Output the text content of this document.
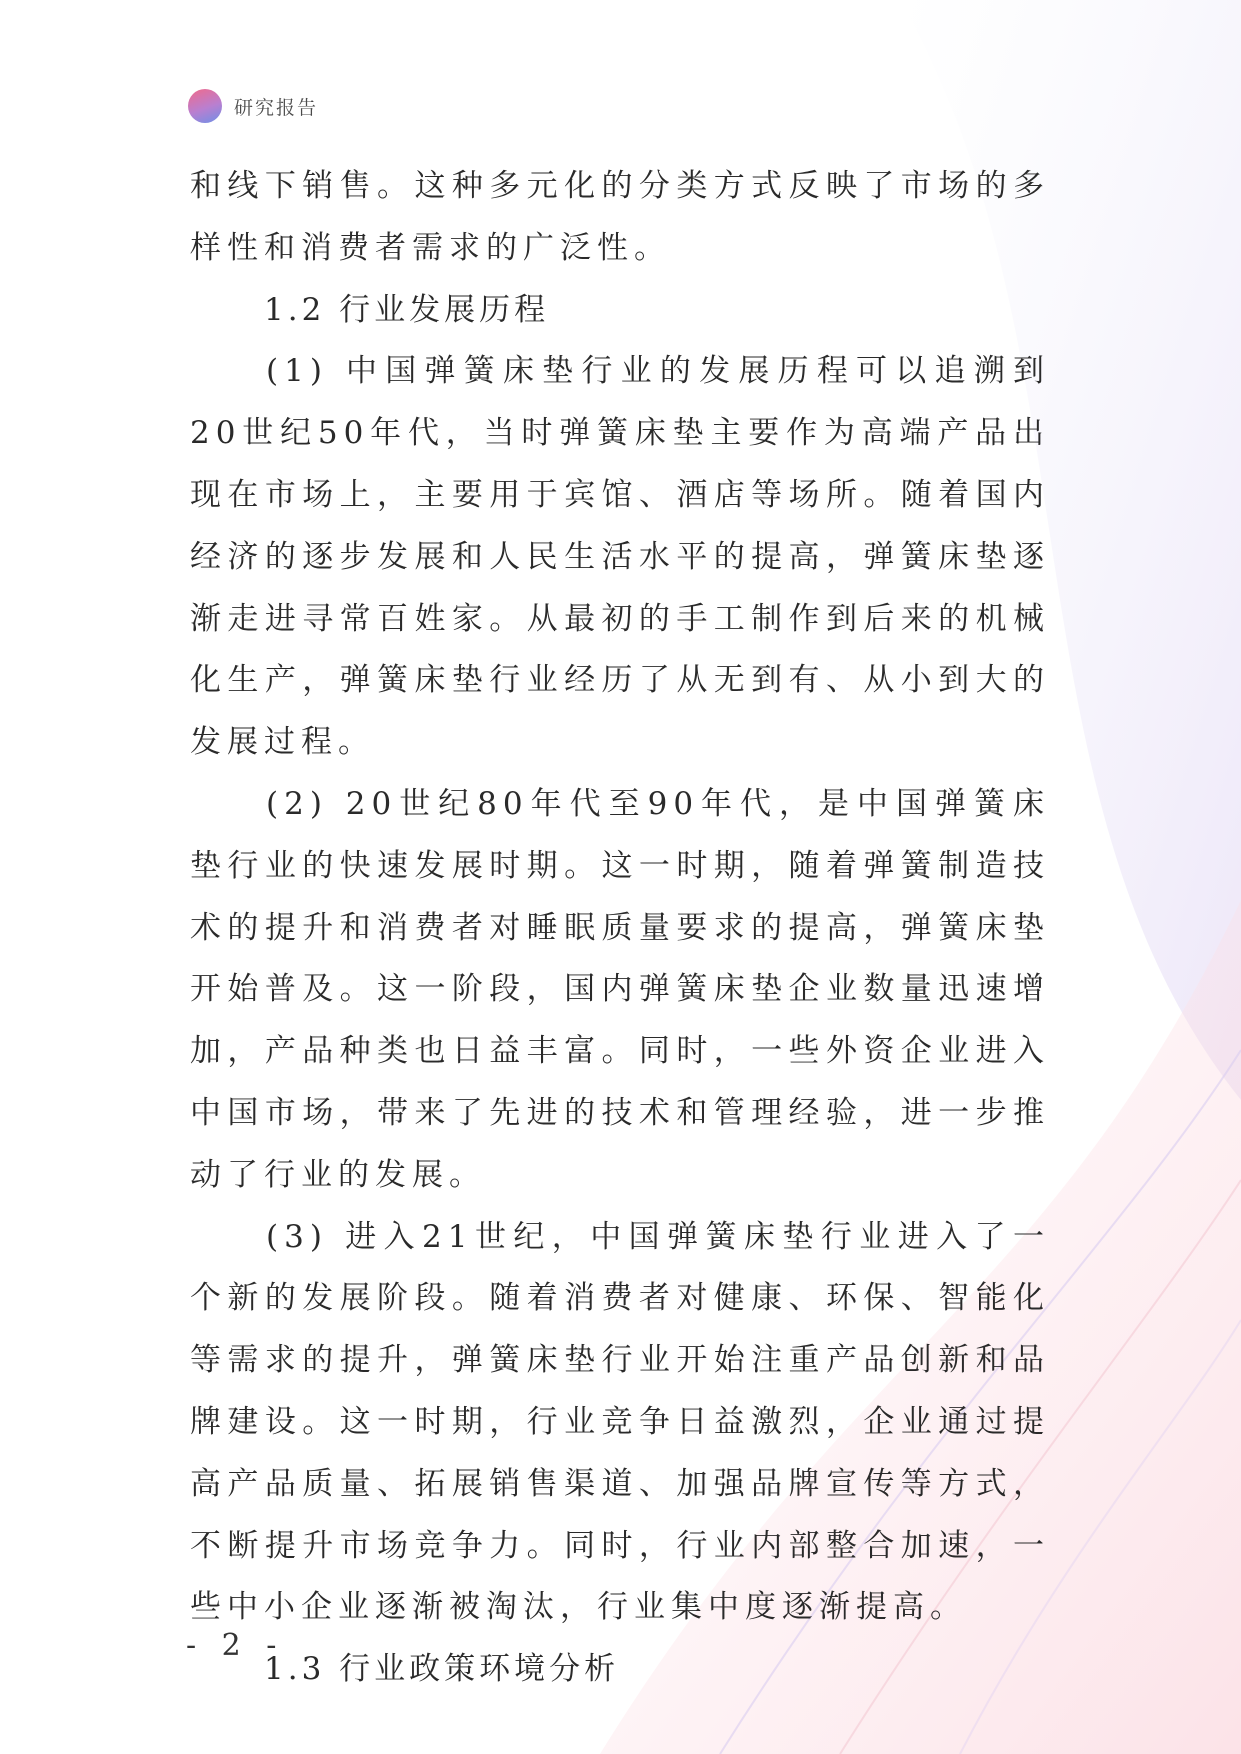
研究报告

和线下销售。这种多元化的分类方式反映了市场的多样性和消费者需求的广泛性。

1.2 行业发展历程

(1) 中国弹簧床垫行业的发展历程可以追溯到20世纪50年代，当时弹簧床垫主要作为高端产品出现在市场上，主要用于宾馆、酒店等场所。随着国内经济的逐步发展和人民生活水平的提高，弹簧床垫逐渐走进寻常百姓家。从最初的手工制作到后来的机械化生产，弹簧床垫行业经历了从无到有、从小到大的发展过程。

(2) 20世纪80年代至90年代，是中国弹簧床垫行业的快速发展时期。这一时期，随着弹簧制造技术的提升和消费者对睡眠质量要求的提高，弹簧床垫开始普及。这一阶段，国内弹簧床垫企业数量迅速增加，产品种类也日益丰富。同时，一些外资企业进入中国市场，带来了先进的技术和管理经验，进一步推动了行业的发展。

(3) 进入21世纪，中国弹簧床垫行业进入了一个新的发展阶段。随着消费者对健康、环保、智能化等需求的提升，弹簧床垫行业开始注重产品创新和品牌建设。这一时期，行业竞争日益激烈，企业通过提高产品质量、拓展销售渠道、加强品牌宣传等方式，不断提升市场竞争力。同时，行业内部整合加速，一些中小企业逐渐被淘汰，行业集中度逐渐提高。

1.3 行业政策环境分析

- 2 -
